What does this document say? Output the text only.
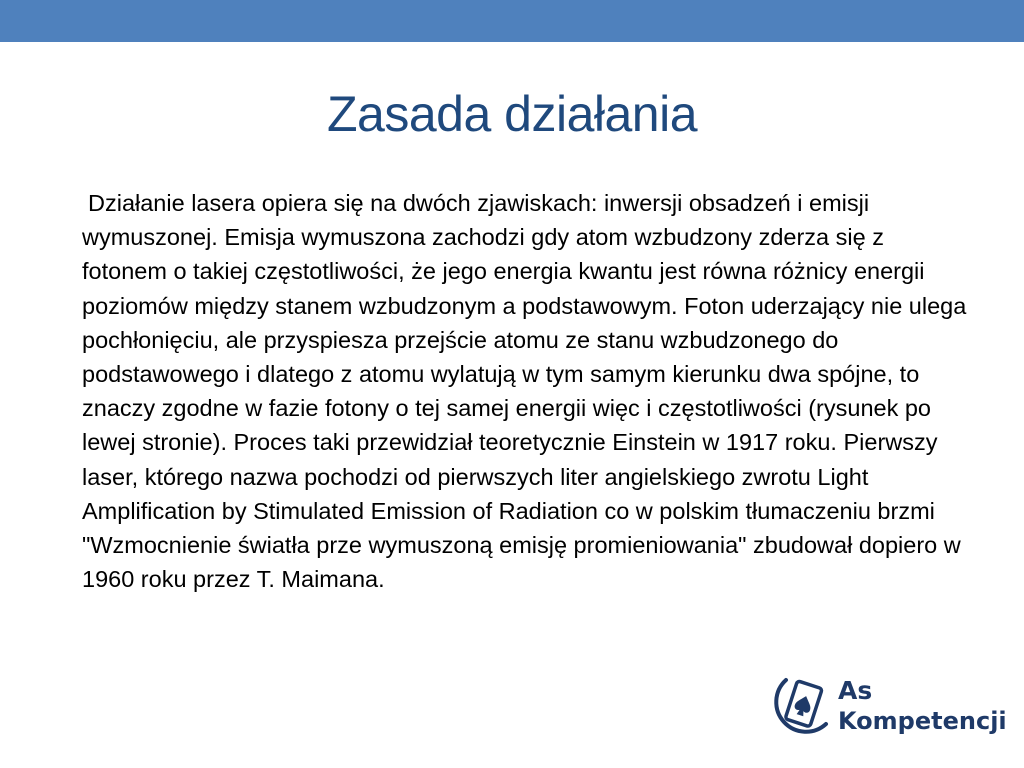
Zasada działania

Działanie lasera opiera się na dwóch zjawiskach: inwersji obsadzeń i emisji wymuszonej. Emisja wymuszona zachodzi gdy atom wzbudzony zderza się z fotonem o takiej częstotliwości, że jego energia kwantu jest równa różnicy energii poziomów między stanem wzbudzonym a podstawowym. Foton uderzający nie ulega pochłonięciu, ale przyspiesza przejście atomu ze stanu wzbudzonego do podstawowego i dlatego z atomu wylatują w tym samym kierunku dwa spójne, to znaczy zgodne w fazie fotony o tej samej energii więc i częstotliwości (rysunek po lewej stronie). Proces taki przewidział teoretycznie Einstein w 1917 roku. Pierwszy laser, którego nazwa pochodzi od pierwszych liter angielskiego zwrotu Light Amplification by Stimulated Emission of Radiation co w polskim tłumaczeniu brzmi "Wzmocnienie światła prze wymuszoną emisję promieniowania" zbudował dopiero w 1960 roku przez T. Maimana.

As
Kompetencji
